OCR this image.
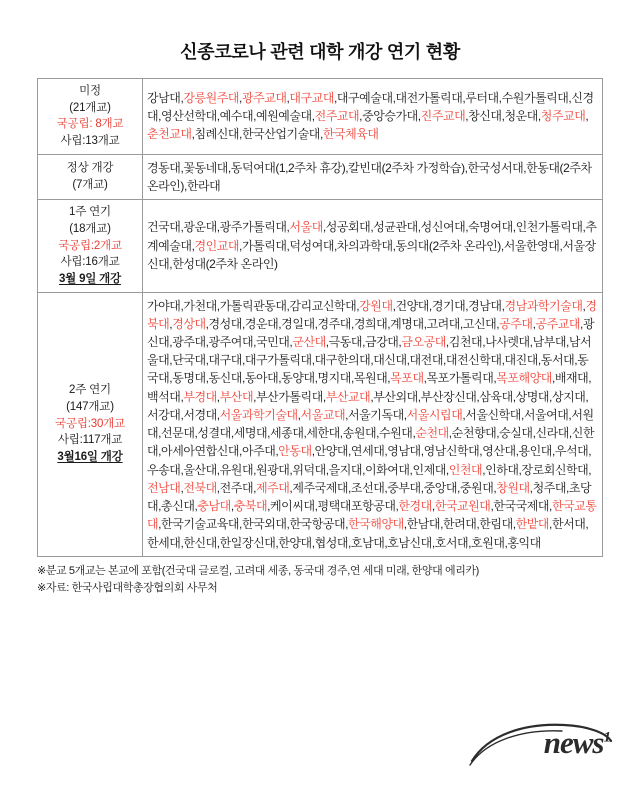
신종코로나 관련 대학 개강 연기 현황
미정
(21개교)
국공립: 8개교
사립:13개교	강남대,강릉원주대,광주교대,대구교대,대구예술대,대전가톨릭대,루터대,수원가톨릭대,신경대,영산선학대,예수대,예원예술대,전주교대,중앙승가대,진주교대,창신대,청운대,청주교대,춘천교대,침례신대,한국산업기술대,한국체육대

정상 개강
(7개교)	경동대,꽃동네대,동덕여대(1,2주차 휴강),칼빈대(2주차 가정학습),한국성서대,한동대(2주차 온라인),한라대

1주 연기
(18개교)
국공립:2개교
사립:16개교
3월 9일 개강	건국대,광운대,광주가톨릭대,서울대,성공회대,성균관대,성신여대,숙명여대,인천가톨릭대,추계예술대,경인교대,가톨릭대,덕성여대,차의과학대,동의대(2주차 온라인),서울한영대,서울장신대,한성대(2주차 온라인)

2주 연기
(147개교)
국공립:30개교
사립:117개교
3월16일 개강
	가야대,가천대,가톨릭관동대,감리교신학대,강원대,건양대,경기대,경남대,경남과학기술대,경북대,경상대,경성대,경운대,경일대,경주대,경희대,계명대,고려대,고신대,공주대,공주교대,광신대,광주대,광주여대,국민대,군산대,극동대,금강대,금오공대,김천대,나사렛대,남부대,남서울대,단국대,대구대,대구가톨릭대,대구한의대,대신대,대전대,대전신학대,대진대,동서대,동국대,동명대,동신대,동아대,동양대,명지대,목원대,목포대,목포가톨릭대,목포해양대,배재대,백석대,부경대,부산대,부산가톨릭대,부산교대,부산외대,부산장신대,삼육대,상명대,상지대,서강대,서경대,서울과학기술대,서울교대,서울기독대,서울시립대,서울신학대,서울여대,서원대,선문대,성결대,세명대,세종대,세한대,송원대,수원대,순천대,순천향대,숭실대,신라대,신한대,아세아연합신대,아주대,안동대,안양대,연세대,영남대,영남신학대,영산대,용인대,우석대,우송대,울산대,유원대,원광대,위덕대,을지대,이화여대,인제대,인천대,인하대,장로회신학대,전남대,전북대,전주대,제주대,제주국제대,조선대,중부대,중앙대,중원대,창원대,청주대,초당대,총신대,충남대,충북대,케이씨대,평택대포항공대,한경대,한국교원대,한국국제대,한국교통대,한국기술교육대,한국외대,한국항공대,한국해양대,한남대,한려대,한림대,한밭대,한서대,한세대,한신대,한일장신대,한양대,협성대,호남대,호남신대,호서대,호원대,홍익대
※분교 5개교는 본교에 포함(건국대 글로컬, 고려대 세종, 동국대 경주,연 세대 미래, 한양대 에리카)
※자료: 한국사립대학총장협의회 사무처
news$^1$
